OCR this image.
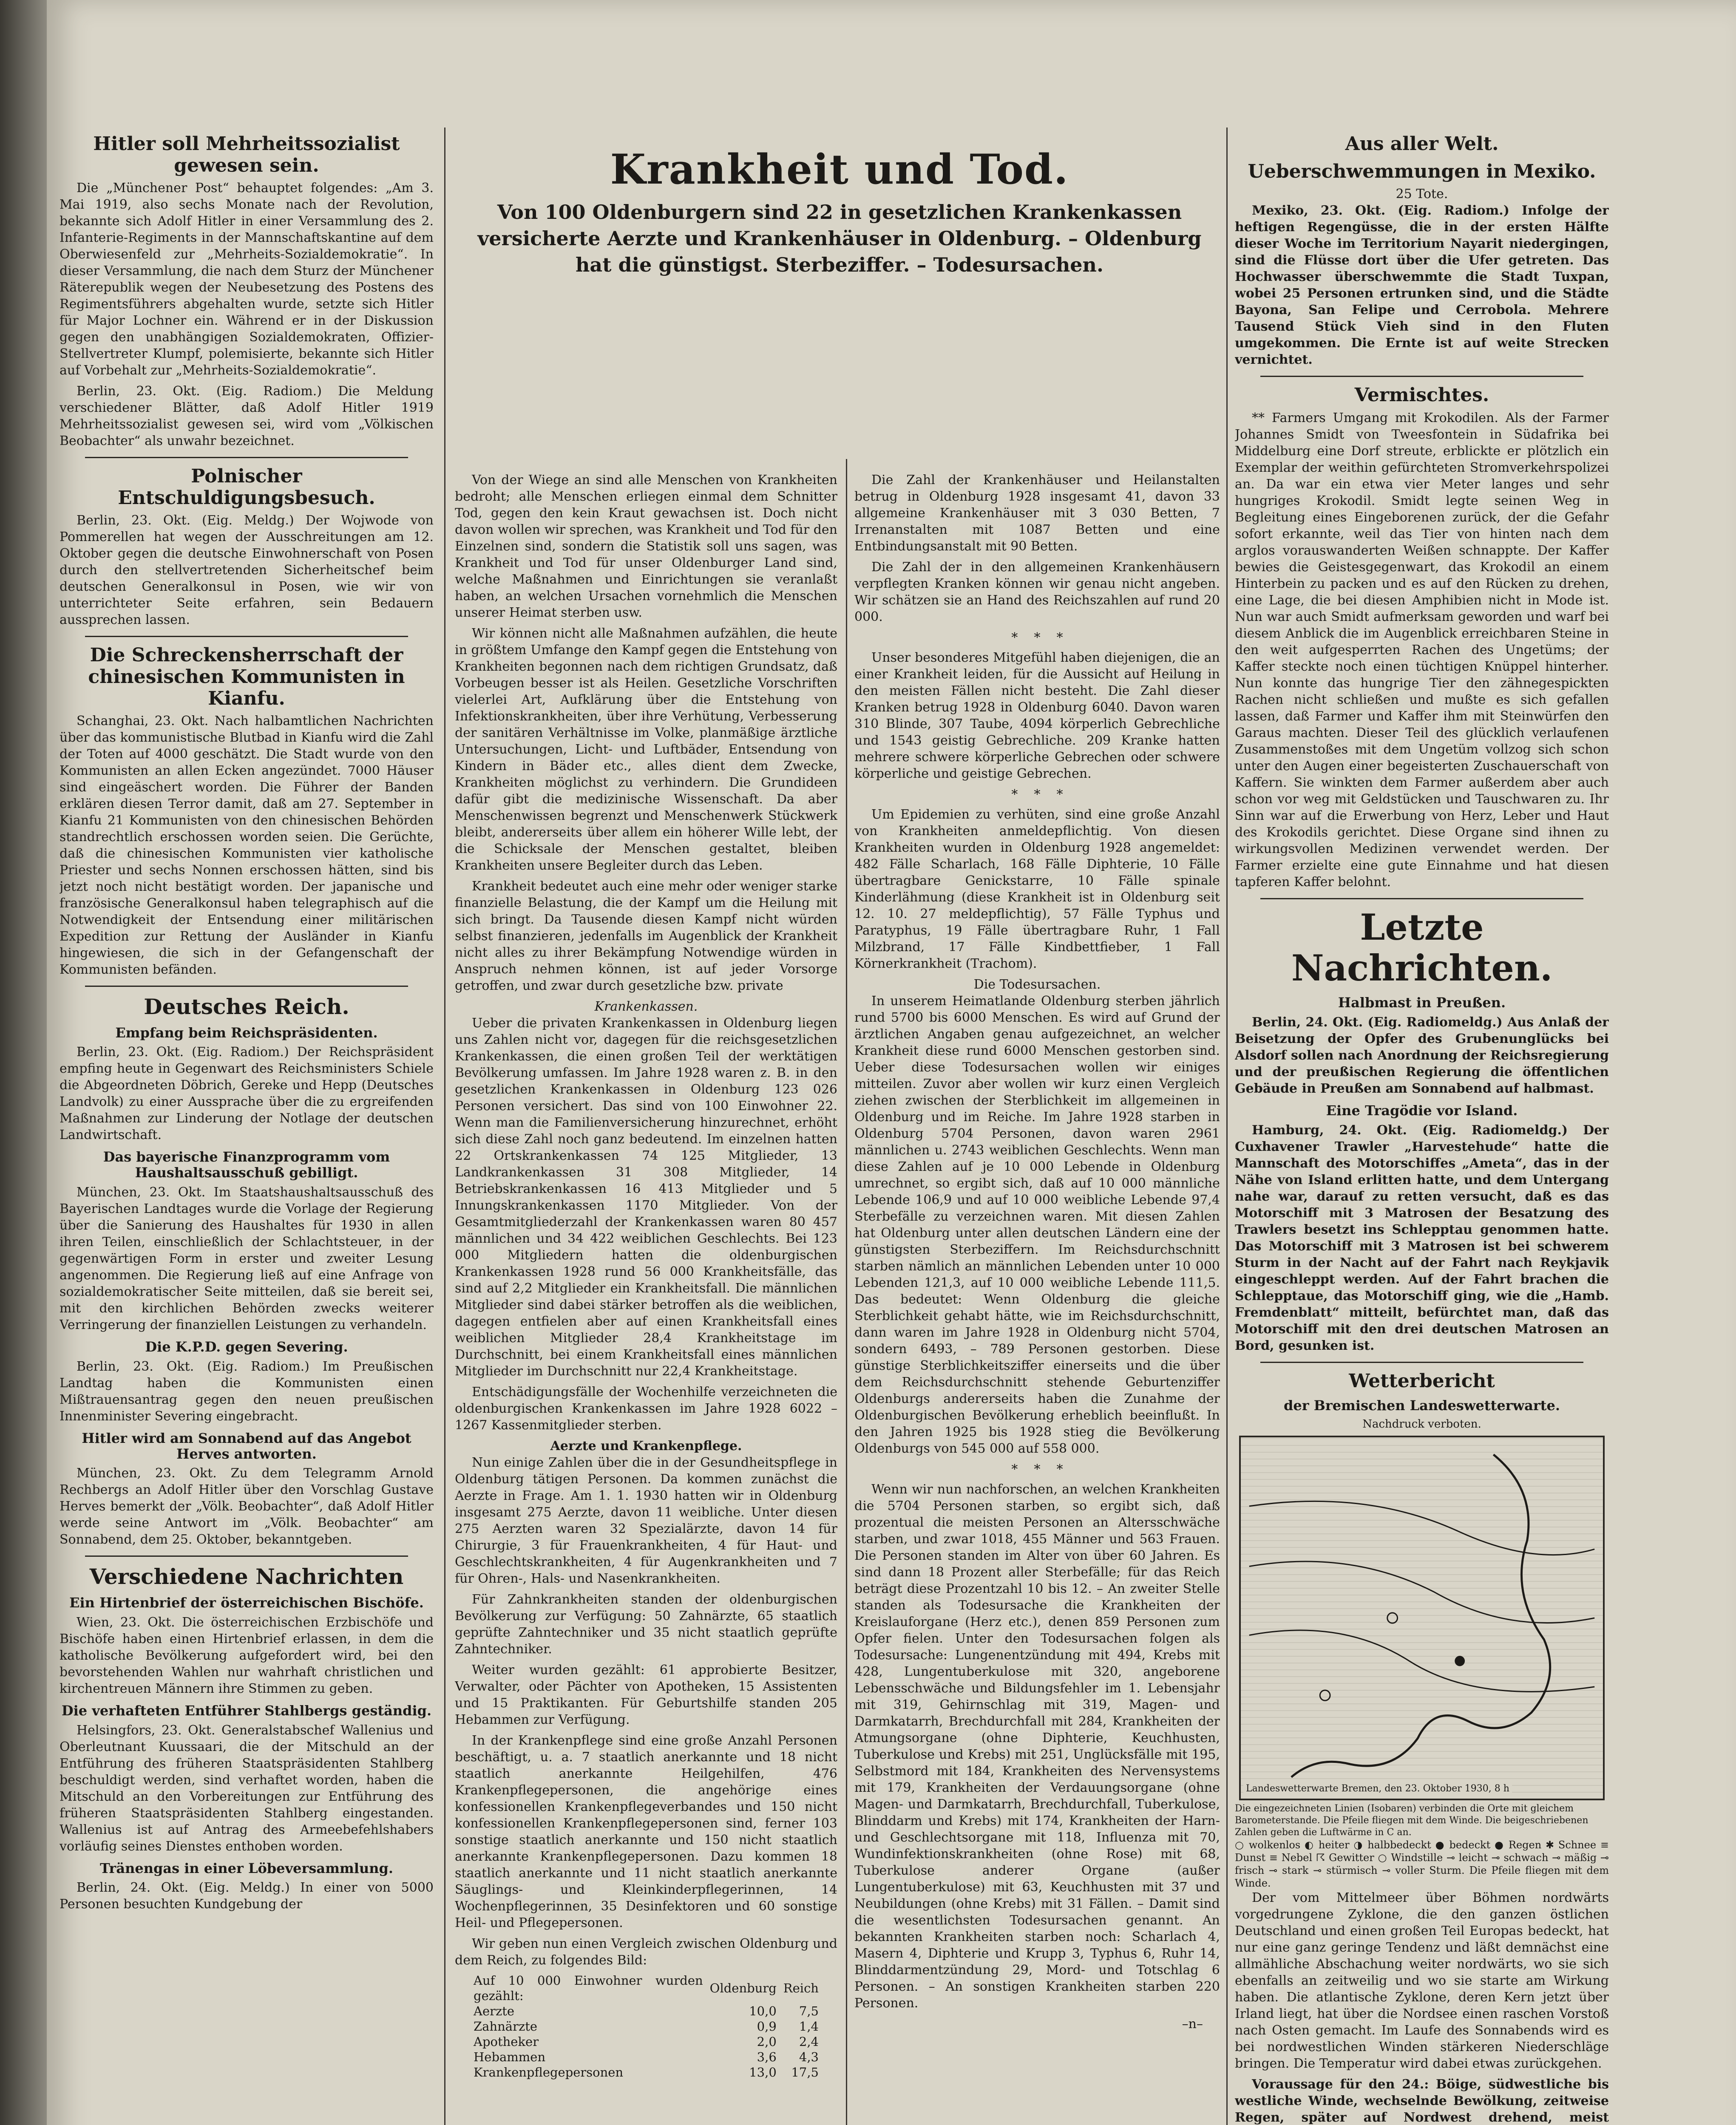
Hitler soll Mehrheitssozialist gewesen sein.

Die „Münchener Post“ behauptet folgendes: „Am 3. Mai 1919, also sechs Monate nach der Revolution, bekannte sich Adolf Hitler in einer Versammlung des 2. Infanterie-Regiments in der Mannschaftskantine auf dem Oberwiesenfeld zur „Mehrheits-Sozialdemokratie“. In dieser Versammlung, die nach dem Sturz der Münchener Räterepublik wegen der Neubesetzung des Postens des Regimentsführers abgehalten wurde, setzte sich Hitler für Major Lochner ein. Während er in der Diskussion gegen den unabhängigen Sozialdemokraten, Offizier-Stellvertreter Klumpf, polemisierte, bekannte sich Hitler auf Vorbehalt zur „Mehrheits-Sozialdemokratie“.

Berlin, 23. Okt. (Eig. Radiom.) Die Meldung verschiedener Blätter, daß Adolf Hitler 1919 Mehrheitssozialist gewesen sei, wird vom „Völkischen Beobachter“ als unwahr bezeichnet.

Polnischer Entschuldigungsbesuch.

Berlin, 23. Okt. (Eig. Meldg.) Der Wojwode von Pommerellen hat wegen der Ausschreitungen am 12. Oktober gegen die deutsche Einwohnerschaft von Posen durch den stellvertretenden Sicherheitschef beim deutschen Generalkonsul in Posen, wie wir von unterrichteter Seite erfahren, sein Bedauern aussprechen lassen.

Die Schreckensherrschaft der chinesischen Kommunisten in Kianfu.

Schanghai, 23. Okt. Nach halbamtlichen Nachrichten über das kommunistische Blutbad in Kianfu wird die Zahl der Toten auf 4000 geschätzt. Die Stadt wurde von den Kommunisten an allen Ecken angezündet. 7000 Häuser sind eingeäschert worden. Die Führer der Banden erklären diesen Terror damit, daß am 27. September in Kianfu 21 Kommunisten von den chinesischen Behörden standrechtlich erschossen worden seien. Die Gerüchte, daß die chinesischen Kommunisten vier katholische Priester und sechs Nonnen erschossen hätten, sind bis jetzt noch nicht bestätigt worden. Der japanische und französische Generalkonsul haben telegraphisch auf die Notwendigkeit der Entsendung einer militärischen Expedition zur Rettung der Ausländer in Kianfu hingewiesen, die sich in der Gefangenschaft der Kommunisten befänden.

Deutsches Reich.
Empfang beim Reichspräsidenten.

Berlin, 23. Okt. (Eig. Radiom.) Der Reichspräsident empfing heute in Gegenwart des Reichsministers Schiele die Abgeordneten Döbrich, Gereke und Hepp (Deutsches Landvolk) zu einer Aussprache über die zu ergreifenden Maßnahmen zur Linderung der Notlage der deutschen Landwirtschaft.

Das bayerische Finanzprogramm vom Haushaltsausschuß gebilligt.

München, 23. Okt. Im Staatshaushaltsausschuß des Bayerischen Landtages wurde die Vorlage der Regierung über die Sanierung des Haushaltes für 1930 in allen ihren Teilen, einschließlich der Schlachtsteuer, in der gegenwärtigen Form in erster und zweiter Lesung angenommen. Die Regierung ließ auf eine Anfrage von sozialdemokratischer Seite mitteilen, daß sie bereit sei, mit den kirchlichen Behörden zwecks weiterer Verringerung der finanziellen Leistungen zu verhandeln.

Die K.P.D. gegen Severing.

Berlin, 23. Okt. (Eig. Radiom.) Im Preußischen Landtag haben die Kommunisten einen Mißtrauensantrag gegen den neuen preußischen Innenminister Severing eingebracht.

Hitler wird am Sonnabend auf das Angebot Herves antworten.

München, 23. Okt. Zu dem Telegramm Arnold Rechbergs an Adolf Hitler über den Vorschlag Gustave Herves bemerkt der „Völk. Beobachter“, daß Adolf Hitler werde seine Antwort im „Völk. Beobachter“ am Sonnabend, dem 25. Oktober, bekanntgeben.

Verschiedene Nachrichten
Ein Hirtenbrief der österreichischen Bischöfe.

Wien, 23. Okt. Die österreichischen Erzbischöfe und Bischöfe haben einen Hirtenbrief erlassen, in dem die katholische Bevölkerung aufgefordert wird, bei den bevorstehenden Wahlen nur wahrhaft christlichen und kirchentreuen Männern ihre Stimmen zu geben.

Die verhafteten Entführer Stahlbergs geständig.

Helsingfors, 23. Okt. Generalstabschef Wallenius und Oberleutnant Kuussaari, die der Mitschuld an der Entführung des früheren Staatspräsidenten Stahlberg beschuldigt werden, sind verhaftet worden, haben die Mitschuld an den Vorbereitungen zur Entführung des früheren Staatspräsidenten Stahlberg eingestanden. Wallenius ist auf Antrag des Armeebefehlshabers vorläufig seines Dienstes enthoben worden.

Tränengas in einer Löbeversammlung.

Berlin, 24. Okt. (Eig. Meldg.) In einer von 5000 Personen besuchten Kundgebung der

Krankheit und Tod.
Von 100 Oldenburgern sind 22 in gesetzlichen Krankenkassen versicherte Aerzte und Krankenhäuser in Oldenburg. – Oldenburg hat die günstigst. Sterbeziffer. – Todesursachen.

Von der Wiege an sind alle Menschen von Krankheiten bedroht; alle Menschen erliegen einmal dem Schnitter Tod, gegen den kein Kraut gewachsen ist. Doch nicht davon wollen wir sprechen, was Krankheit und Tod für den Einzelnen sind, sondern die Statistik soll uns sagen, was Krankheit und Tod für unser Oldenburger Land sind, welche Maßnahmen und Einrichtungen sie veranlaßt haben, an welchen Ursachen vornehmlich die Menschen unserer Heimat sterben usw.

Wir können nicht alle Maßnahmen aufzählen, die heute in größtem Umfange den Kampf gegen die Entstehung von Krankheiten begonnen nach dem richtigen Grundsatz, daß Vorbeugen besser ist als Heilen. Gesetzliche Vorschriften vielerlei Art, Aufklärung über die Entstehung von Infektionskrankheiten, über ihre Verhütung, Verbesserung der sanitären Verhältnisse im Volke, planmäßige ärztliche Untersuchungen, Licht- und Luftbäder, Entsendung von Kindern in Bäder etc., alles dient dem Zwecke, Krankheiten möglichst zu verhindern. Die Grundideen dafür gibt die medizinische Wissenschaft. Da aber Menschenwissen begrenzt und Menschenwerk Stückwerk bleibt, andererseits über allem ein höherer Wille lebt, der die Schicksale der Menschen gestaltet, bleiben Krankheiten unsere Begleiter durch das Leben.

Krankheit bedeutet auch eine mehr oder weniger starke finanzielle Belastung, die der Kampf um die Heilung mit sich bringt. Da Tausende diesen Kampf nicht würden selbst finanzieren, jedenfalls im Augenblick der Krankheit nicht alles zu ihrer Bekämpfung Notwendige würden in Anspruch nehmen können, ist auf jeder Vorsorge getroffen, und zwar durch gesetzliche bzw. private

Krankenkassen.

Ueber die privaten Krankenkassen in Oldenburg liegen uns Zahlen nicht vor, dagegen für die reichsgesetzlichen Krankenkassen, die einen großen Teil der werktätigen Bevölkerung umfassen. Im Jahre 1928 waren z. B. in den gesetzlichen Krankenkassen in Oldenburg 123 026 Personen versichert. Das sind von 100 Einwohner 22. Wenn man die Familienversicherung hinzurechnet, erhöht sich diese Zahl noch ganz bedeutend. Im einzelnen hatten 22 Ortskrankenkassen 74 125 Mitglieder, 13 Landkrankenkassen 31 308 Mitglieder, 14 Betriebskrankenkassen 16 413 Mitglieder und 5 Innungskrankenkassen 1170 Mitglieder. Von der Gesamtmitgliederzahl der Krankenkassen waren 80 457 männlichen und 34 422 weiblichen Geschlechts. Bei 123 000 Mitgliedern hatten die oldenburgischen Krankenkassen 1928 rund 56 000 Krankheitsfälle, das sind auf 2,2 Mitglieder ein Krankheitsfall. Die männlichen Mitglieder sind dabei stärker betroffen als die weiblichen, dagegen entfielen aber auf einen Krankheitsfall eines weiblichen Mitglieder 28,4 Krankheitstage im Durchschnitt, bei einem Krankheitsfall eines männlichen Mitglieder im Durchschnitt nur 22,4 Krankheitstage.

Entschädigungsfälle der Wochenhilfe verzeichneten die oldenburgischen Krankenkassen im Jahre 1928 6022 – 1267 Kassenmitglieder sterben.

Aerzte und Krankenpflege.

Nun einige Zahlen über die in der Gesundheitspflege in Oldenburg tätigen Personen. Da kommen zunächst die Aerzte in Frage. Am 1. 1. 1930 hatten wir in Oldenburg insgesamt 275 Aerzte, davon 11 weibliche. Unter diesen 275 Aerzten waren 32 Spezialärzte, davon 14 für Chirurgie, 3 für Frauenkrankheiten, 4 für Haut- und Geschlechtskrankheiten, 4 für Augenkrankheiten und 7 für Ohren-, Hals- und Nasenkrankheiten.

Für Zahnkrankheiten standen der oldenburgischen Bevölkerung zur Verfügung: 50 Zahnärzte, 65 staatlich geprüfte Zahntechniker und 35 nicht staatlich geprüfte Zahntechniker.

Weiter wurden gezählt: 61 approbierte Besitzer, Verwalter, oder Pächter von Apotheken, 15 Assistenten und 15 Praktikanten. Für Geburtshilfe standen 205 Hebammen zur Verfügung.

In der Krankenpflege sind eine große Anzahl Personen beschäftigt, u. a. 7 staatlich anerkannte und 18 nicht staatlich anerkannte Heilgehilfen, 476 Krankenpflegepersonen, die angehörige eines konfessionellen Krankenpflegeverbandes und 150 nicht konfessionellen Krankenpflegepersonen sind, ferner 103 sonstige staatlich anerkannte und 150 nicht staatlich anerkannte Krankenpflegepersonen. Dazu kommen 18 staatlich anerkannte und 11 nicht staatlich anerkannte Säuglings- und Kleinkinderpflegerinnen, 14 Wochenpflegerinnen, 35 Desinfektoren und 60 sonstige Heil- und Pflegepersonen.

Wir geben nun einen Vergleich zwischen Oldenburg und dem Reich, zu folgendes Bild:

Auf 10 000 Einwohner wurden gezählt:	Oldenburg	Reich
Aerzte	10,0	7,5
Zahnärzte	0,9	1,4
Apotheker	2,0	2,4
Hebammen	3,6	4,3
Krankenpflegepersonen	13,0	17,5

Die Zahl der Krankenhäuser und Heilanstalten betrug in Oldenburg 1928 insgesamt 41, davon 33 allgemeine Krankenhäuser mit 3 030 Betten, 7 Irrenanstalten mit 1087 Betten und eine Entbindungsanstalt mit 90 Betten.

Die Zahl der in den allgemeinen Krankenhäusern verpflegten Kranken können wir genau nicht angeben. Wir schätzen sie an Hand des Reichszahlen auf rund 20 000.

*    *    *

Unser besonderes Mitgefühl haben diejenigen, die an einer Krankheit leiden, für die Aussicht auf Heilung in den meisten Fällen nicht besteht. Die Zahl dieser Kranken betrug 1928 in Oldenburg 6040. Davon waren 310 Blinde, 307 Taube, 4094 körperlich Gebrechliche und 1543 geistig Gebrechliche. 209 Kranke hatten mehrere schwere körperliche Gebrechen oder schwere körperliche und geistige Gebrechen.

*    *    *

Um Epidemien zu verhüten, sind eine große Anzahl von Krankheiten anmeldepflichtig. Von diesen Krankheiten wurden in Oldenburg 1928 angemeldet: 482 Fälle Scharlach, 168 Fälle Diphterie, 10 Fälle übertragbare Genickstarre, 10 Fälle spinale Kinderlähmung (diese Krankheit ist in Oldenburg seit 12. 10. 27 meldepflichtig), 57 Fälle Typhus und Paratyphus, 19 Fälle übertragbare Ruhr, 1 Fall Milzbrand, 17 Fälle Kindbettfieber, 1 Fall Körnerkrankheit (Trachom).

Die Todesursachen.

In unserem Heimatlande Oldenburg sterben jährlich rund 5700 bis 6000 Menschen. Es wird auf Grund der ärztlichen Angaben genau aufgezeichnet, an welcher Krankheit diese rund 6000 Menschen gestorben sind. Ueber diese Todesursachen wollen wir einiges mitteilen. Zuvor aber wollen wir kurz einen Vergleich ziehen zwischen der Sterblichkeit im allgemeinen in Oldenburg und im Reiche. Im Jahre 1928 starben in Oldenburg 5704 Personen, davon waren 2961 männlichen u. 2743 weiblichen Geschlechts. Wenn man diese Zahlen auf je 10 000 Lebende in Oldenburg umrechnet, so ergibt sich, daß auf 10 000 männliche Lebende 106,9 und auf 10 000 weibliche Lebende 97,4 Sterbefälle zu verzeichnen waren. Mit diesen Zahlen hat Oldenburg unter allen deutschen Ländern eine der günstigsten Sterbeziffern. Im Reichsdurchschnitt starben nämlich an männlichen Lebenden unter 10 000 Lebenden 121,3, auf 10 000 weibliche Lebende 111,5. Das bedeutet: Wenn Oldenburg die gleiche Sterblichkeit gehabt hätte, wie im Reichsdurchschnitt, dann waren im Jahre 1928 in Oldenburg nicht 5704, sondern 6493, – 789 Personen gestorben. Diese günstige Sterblichkeitsziffer einerseits und die über dem Reichsdurchschnitt stehende Geburtenziffer Oldenburgs andererseits haben die Zunahme der Oldenburgischen Bevölkerung erheblich beeinflußt. In den Jahren 1925 bis 1928 stieg die Bevölkerung Oldenburgs von 545 000 auf 558 000.

*    *    *

Wenn wir nun nachforschen, an welchen Krankheiten die 5704 Personen starben, so ergibt sich, daß prozentual die meisten Personen an Altersschwäche starben, und zwar 1018, 455 Männer und 563 Frauen. Die Personen standen im Alter von über 60 Jahren. Es sind dann 18 Prozent aller Sterbefälle; für das Reich beträgt diese Prozentzahl 10 bis 12. – An zweiter Stelle standen als Todesursache die Krankheiten der Kreislauforgane (Herz etc.), denen 859 Personen zum Opfer fielen. Unter den Todesursachen folgen als Todesursache: Lungenentzündung mit 494, Krebs mit 428, Lungentuberkulose mit 320, angeborene Lebensschwäche und Bildungsfehler im 1. Lebensjahr mit 319, Gehirnschlag mit 319, Magen- und Darmkatarrh, Brechdurchfall mit 284, Krankheiten der Atmungsorgane (ohne Diphterie, Keuchhusten, Tuberkulose und Krebs) mit 251, Unglücksfälle mit 195, Selbstmord mit 184, Krankheiten des Nervensystems mit 179, Krankheiten der Verdauungsorgane (ohne Magen- und Darmkatarrh, Brechdurchfall, Tuberkulose, Blinddarm und Krebs) mit 174, Krankheiten der Harn- und Geschlechtsorgane mit 118, Influenza mit 70, Wundinfektionskrankheiten (ohne Rose) mit 68, Tuberkulose anderer Organe (außer Lungentuberkulose) mit 63, Keuchhusten mit 37 und Neubildungen (ohne Krebs) mit 31 Fällen. – Damit sind die wesentlichsten Todesursachen genannt. An bekannten Krankheiten starben noch: Scharlach 4, Masern 4, Diphterie und Krupp 3, Typhus 6, Ruhr 14, Blinddarmentzündung 29, Mord- und Totschlag 6 Personen. – An sonstigen Krankheiten starben 220 Personen.

–n–

Aus aller Welt.
Ueberschwemmungen in Mexiko.
25 Tote.

Mexiko, 23. Okt. (Eig. Radiom.) Infolge der heftigen Regengüsse, die in der ersten Hälfte dieser Woche im Territorium Nayarit niedergingen, sind die Flüsse dort über die Ufer getreten. Das Hochwasser überschwemmte die Stadt Tuxpan, wobei 25 Personen ertrunken sind, und die Städte Bayona, San Felipe und Cerrobola. Mehrere Tausend Stück Vieh sind in den Fluten umgekommen. Die Ernte ist auf weite Strecken vernichtet.

Vermischtes.

** Farmers Umgang mit Krokodilen. Als der Farmer Johannes Smidt von Tweesfontein in Südafrika bei Middelburg eine Dorf streute, erblickte er plötzlich ein Exemplar der weithin gefürchteten Stromverkehrspolizei an. Da war ein etwa vier Meter langes und sehr hungriges Krokodil. Smidt legte seinen Weg in Begleitung eines Eingeborenen zurück, der die Gefahr sofort erkannte, weil das Tier von hinten nach dem arglos vorauswanderten Weißen schnappte. Der Kaffer bewies die Geistesgegenwart, das Krokodil an einem Hinterbein zu packen und es auf den Rücken zu drehen, eine Lage, die bei diesen Amphibien nicht in Mode ist. Nun war auch Smidt aufmerksam geworden und warf bei diesem Anblick die im Augenblick erreichbaren Steine in den weit aufgesperrten Rachen des Ungetüms; der Kaffer steckte noch einen tüchtigen Knüppel hinterher. Nun konnte das hungrige Tier den zähnegespickten Rachen nicht schließen und mußte es sich gefallen lassen, daß Farmer und Kaffer ihm mit Steinwürfen den Garaus machten. Dieser Teil des glücklich verlaufenen Zusammenstoßes mit dem Ungetüm vollzog sich schon unter den Augen einer begeisterten Zuschauerschaft von Kaffern. Sie winkten dem Farmer außerdem aber auch schon vor weg mit Geldstücken und Tauschwaren zu. Ihr Sinn war auf die Erwerbung von Herz, Leber und Haut des Krokodils gerichtet. Diese Organe sind ihnen zu wirkungsvollen Medizinen verwendet werden. Der Farmer erzielte eine gute Einnahme und hat diesen tapferen Kaffer belohnt.

Letzte Nachrichten.
Halbmast in Preußen.

Berlin, 24. Okt. (Eig. Radiomeldg.) Aus Anlaß der Beisetzung der Opfer des Grubenunglücks bei Alsdorf sollen nach Anordnung der Reichsregierung und der preußischen Regierung die öffentlichen Gebäude in Preußen am Sonnabend auf halbmast.

Eine Tragödie vor Island.

Hamburg, 24. Okt. (Eig. Radiomeldg.) Der Cuxhavener Trawler „Harvestehude“ hatte die Mannschaft des Motorschiffes „Ameta“, das in der Nähe von Island erlitten hatte, und dem Untergang nahe war, darauf zu retten versucht, daß es das Motorschiff mit 3 Matrosen der Besatzung des Trawlers besetzt ins Schlepptau genommen hatte. Das Motorschiff mit 3 Matrosen ist bei schwerem Sturm in der Nacht auf der Fahrt nach Reykjavik eingeschleppt werden. Auf der Fahrt brachen die Schlepptaue, das Motorschiff ging, wie die „Hamb. Fremdenblatt“ mitteilt, befürchtet man, daß das Motorschiff mit den drei deutschen Matrosen an Bord, gesunken ist.

Wetterbericht
der Bremischen Landeswetterwarte.
Nachdruck verboten.
Landeswetterwarte Bremen, den 23. Oktober 1930, 8 h
Die eingezeichneten Linien (Isobaren) verbinden die Orte mit gleichem Barometerstande. Die Pfeile fliegen mit dem Winde. Die beigeschriebenen Zahlen geben die Luftwärme in C an.
○ wolkenlos ◐ heiter ◑ halbbedeckt ● bedeckt ● Regen ✱ Schnee ≡ Dunst ≡ Nebel ☈ Gewitter ○ Windstille ⊸ leicht ⊸ schwach ⊸ mäßig ⊸ frisch ⊸ stark ⊸ stürmisch ⊸ voller Sturm. Die Pfeile fliegen mit dem Winde.

Der vom Mittelmeer über Böhmen nordwärts vorgedrungene Zyklone, die den ganzen östlichen Deutschland und einen großen Teil Europas bedeckt, hat nur eine ganz geringe Tendenz und läßt demnächst eine allmähliche Abschachung weiter nordwärts, wo sie sich ebenfalls an zeitweilig und wo sie starte am Wirkung haben. Die atlantische Zyklone, deren Kern jetzt über Irland liegt, hat über die Nordsee einen raschen Vorstoß nach Osten gemacht. Im Laufe des Sonnabends wird es bei nordwestlichen Winden stärkeren Niederschläge bringen. Die Temperatur wird dabei etwas zurückgehen.

Voraussage für den 24.: Böige, südwestliche bis westliche Winde, wechselnde Bewölkung, zeitweise Regen, später auf Nordwest drehend, meist
